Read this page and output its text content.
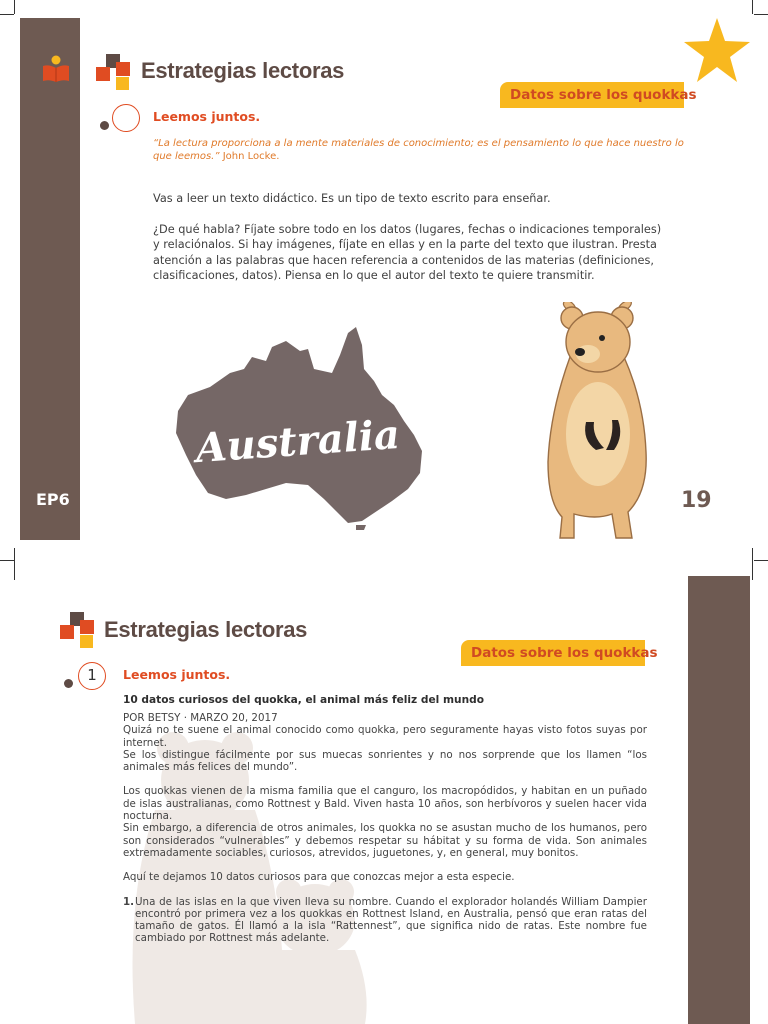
Estrategias lectoras
Datos sobre los quokkas
Leemos juntos.
“La lectura proporciona a la mente materiales de conocimiento; es el pensamiento lo que hace nuestro lo que leemos.” John Locke.

Vas a leer un texto didáctico. Es un tipo de texto escrito para enseñar.

¿De qué habla? Fíjate sobre todo en los datos (lugares, fechas o indicaciones temporales) y relaciónalos. Si hay imágenes, fíjate en ellas y en la parte del texto que ilustran. Presta atención a las palabras que hacen referencia a contenidos de las materias (definiciones, clasificaciones, datos). Piensa en lo que el autor del texto te quiere transmitir.

Australia
EP6	19
Estrategias lectoras
Datos sobre los quokkas
1	Leemos juntos.
10 datos curiosos del quokka, el animal más feliz del mundo

POR BETSY · MARZO 20, 2017

Quizá no te suene el animal conocido como quokka, pero seguramente hayas visto fotos suyas por internet.

Se los distingue fácilmente por sus muecas sonrientes y no nos sorprende que los llamen “los animales más felices del mundo”.

Los quokkas vienen de la misma familia que el canguro, los macropódidos, y habitan en un puñado de islas australianas, como Rottnest y Bald. Viven hasta 10 años, son herbívoros y suelen hacer vida nocturna.

Sin embargo, a diferencia de otros animales, los quokka no se asustan mucho de los humanos, pero son considerados “vulnerables” y debemos respetar su hábitat y su forma de vida. Son animales extremadamente sociables, curiosos, atrevidos, juguetones, y, en general, muy bonitos.

Aquí te dejamos 10 datos curiosos para que conozcas mejor a esta especie.

1. Una de las islas en la que viven lleva su nombre. Cuando el explorador holandés William Dampier encontró por primera vez a los quokkas en Rottnest Island, en Australia, pensó que eran ratas del tamaño de gatos. Él llamó a la isla “Rattennest”, que significa nido de ratas. Este nombre fue cambiado por Rottnest más adelante.
